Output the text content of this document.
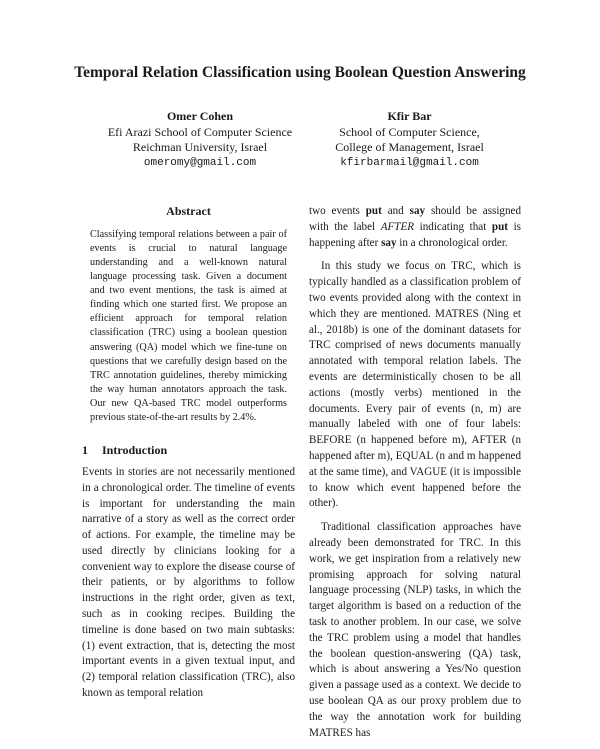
Temporal Relation Classification using Boolean Question Answering
Omer Cohen
Efi Arazi School of Computer Science
Reichman University, Israel
omeromy@gmail.com
Kfir Bar
School of Computer Science,
College of Management, Israel
kfirbarmail@gmail.com
Abstract
Classifying temporal relations between a pair of events is crucial to natural language understanding and a well-known natural language processing task. Given a document and two event mentions, the task is aimed at finding which one started first. We propose an efficient approach for temporal relation classification (TRC) using a boolean question answering (QA) model which we fine-tune on questions that we carefully design based on the TRC annotation guidelines, thereby mimicking the way human annotators approach the task. Our new QA-based TRC model outperforms previous state-of-the-art results by 2.4%.
1 Introduction

Events in stories are not necessarily mentioned in a chronological order. The timeline of events is important for understanding the main narrative of a story as well as the correct order of actions. For example, the timeline may be used directly by clinicians looking for a convenient way to explore the disease course of their patients, or by algorithms to follow instructions in the right order, given as text, such as in cooking recipes. Building the timeline is done based on two main subtasks: (1) event extraction, that is, detecting the most important events in a given textual input, and (2) temporal relation classification (TRC), also known as temporal relation

two events put and say should be assigned with the label AFTER indicating that put is happening after say in a chronological order.

In this study we focus on TRC, which is typically handled as a classification problem of two events provided along with the context in which they are mentioned. MATRES (Ning et al., 2018b) is one of the dominant datasets for TRC comprised of news documents manually annotated with temporal relation labels. The events are deterministically chosen to be all actions (mostly verbs) mentioned in the documents. Every pair of events (n, m) are manually labeled with one of four labels: BEFORE (n happened before m), AFTER (n happened after m), EQUAL (n and m happened at the same time), and VAGUE (it is impossible to know which event happened before the other).

Traditional classification approaches have already been demonstrated for TRC. In this work, we get inspiration from a relatively new promising approach for solving natural language processing (NLP) tasks, in which the target algorithm is based on a reduction of the task to another problem. In our case, we solve the TRC problem using a model that handles the boolean question-answering (QA) task, which is about answering a Yes/No question given a passage used as a context. We decide to use boolean QA as our proxy problem due to the way the annotation work for building MATRES has
